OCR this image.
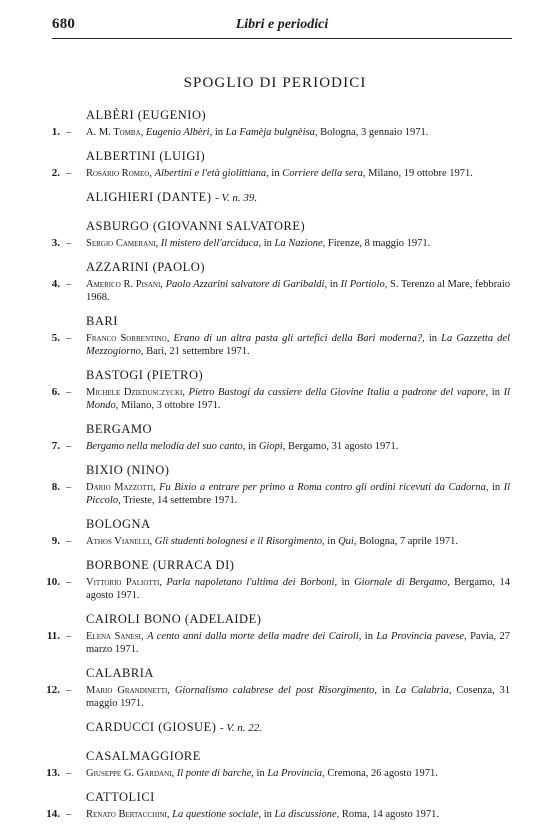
680	Libri e periodici
SPOGLIO DI PERIODICI
ALBÈRI (EUGENIO)
1. – A. M. Tomba, Eugenio Albèri, in La Famèja bulgnèisa, Bologna, 3 gennaio 1971.
ALBERTINI (LUIGI)
2. – Rosario Romeo, Albertini e l'età giolittiana, in Corriere della sera, Milano, 19 ottobre 1971.
ALIGHIERI (DANTE) - V. n. 39.
ASBURGO (GIOVANNI SALVATORE)
3. – Sergio Camerani, Il mistero dell'arciduca, in La Nazione, Firenze, 8 maggio 1971.
AZZARINI (PAOLO)
4. – Americo R. Pisani, Paolo Azzarini salvatore di Garibaldi, in Il Portiolo, S. Terenzo al Mare, febbraio 1968.
BARI
5. – Franco Sorrentino, Erano di un altra pasta gli artefici della Bari moderna?, in La Gazzetta del Mezzogiorno, Bari, 21 settembre 1971.
BASTOGI (PIETRO)
6. – Michele Dziedusczycki, Pietro Bastogi da cassiere della Giovine Italia a padrone del vapore, in Il Mondo, Milano, 3 ottobre 1971.
BERGAMO
7. – Bergamo nella melodia del suo canto, in Giopì, Bergamo, 31 agosto 1971.
BIXIO (NINO)
8. – Dario Mazzotti, Fu Bixio a entrare per primo a Roma contro gli ordini ricevuti da Cadorna, in Il Piccolo, Trieste, 14 settembre 1971.
BOLOGNA
9. – Athos Vianelli, Gli studenti bolognesi e il Risorgimento, in Qui, Bologna, 7 aprile 1971.
BORBONE (URRACA DI)
10. – Vittorio Paliotti, Parla napoletano l'ultima dei Borboni, in Giornale di Bergamo, Bergamo, 14 agosto 1971.
CAIROLI BONO (ADELAIDE)
11. – Elena Sanesi, A cento anni dalla morte della madre dei Cairoli, in La Provincia pavese, Pavia, 27 marzo 1971.
CALABRIA
12. – Mario Grandinetti, Giornalismo calabrese del post Risorgimento, in La Calabria, Cosenza, 31 maggio 1971.
CARDUCCI (GIOSUE) - V. n. 22.
CASALMAGGIORE
13. – Giuseppe G. Gardani, Il ponte di barche, in La Provincia, Cremona, 26 agosto 1971.
CATTOLICI
14. – Renato Bertacchini, La questione sociale, in La discussione, Roma, 14 agosto 1971.
